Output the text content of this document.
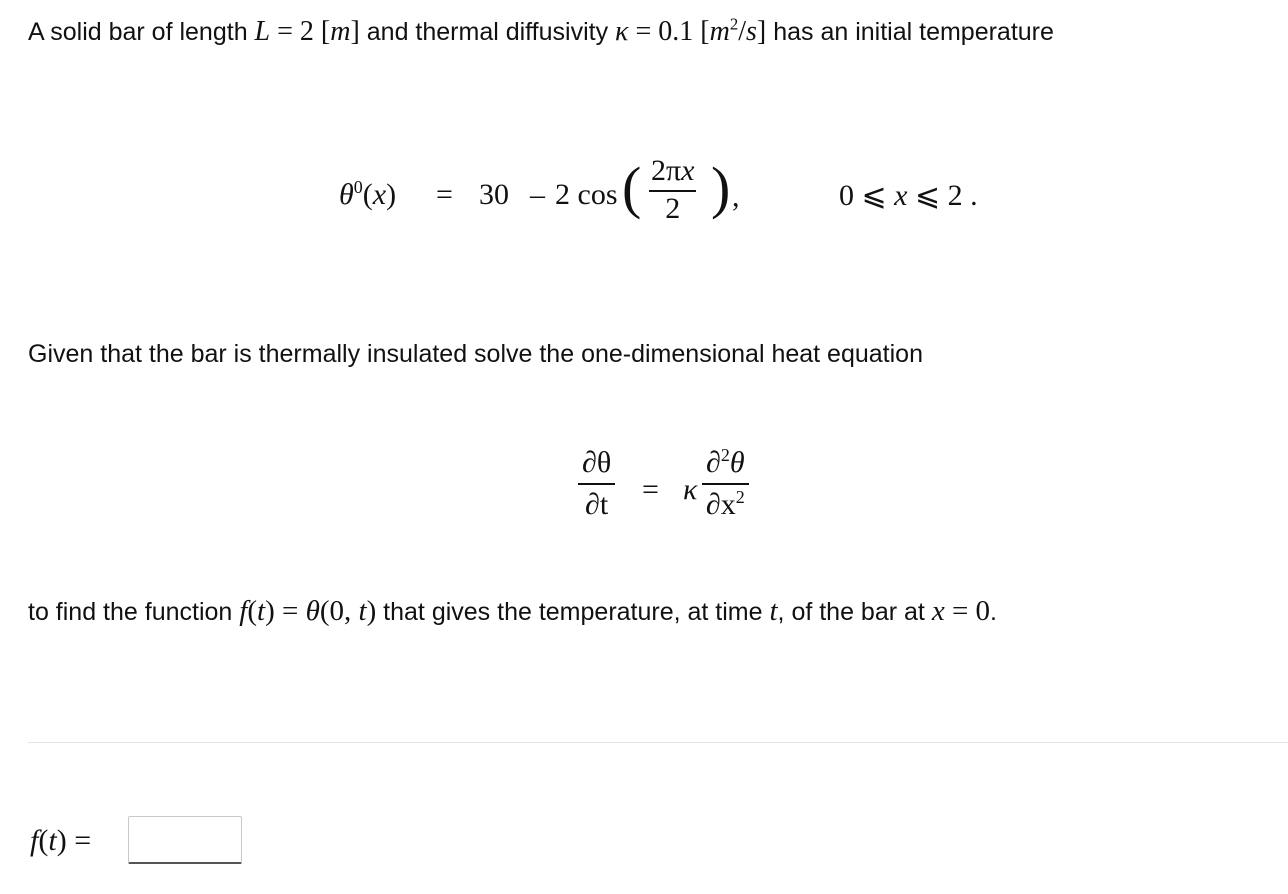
A solid bar of length L = 2 [m] and thermal diffusivity κ = 0.1 $[m^2/s]$ has an initial temperature
$\theta^0(x) = 30 - 2$ cos ( $\frac{2\pi x}{2}$ ) ,	0 ⩽ x ⩽ 2 .
Given that the bar is thermally insulated solve the one-dimensional heat equation
$\frac{\partial\theta}{\partial t} = \kappa \frac{\partial^2\theta}{\partial x^2}$
to find the function f(t) = θ(0, t) that gives the temperature, at time t, of the bar at x = 0.
f(t) =
